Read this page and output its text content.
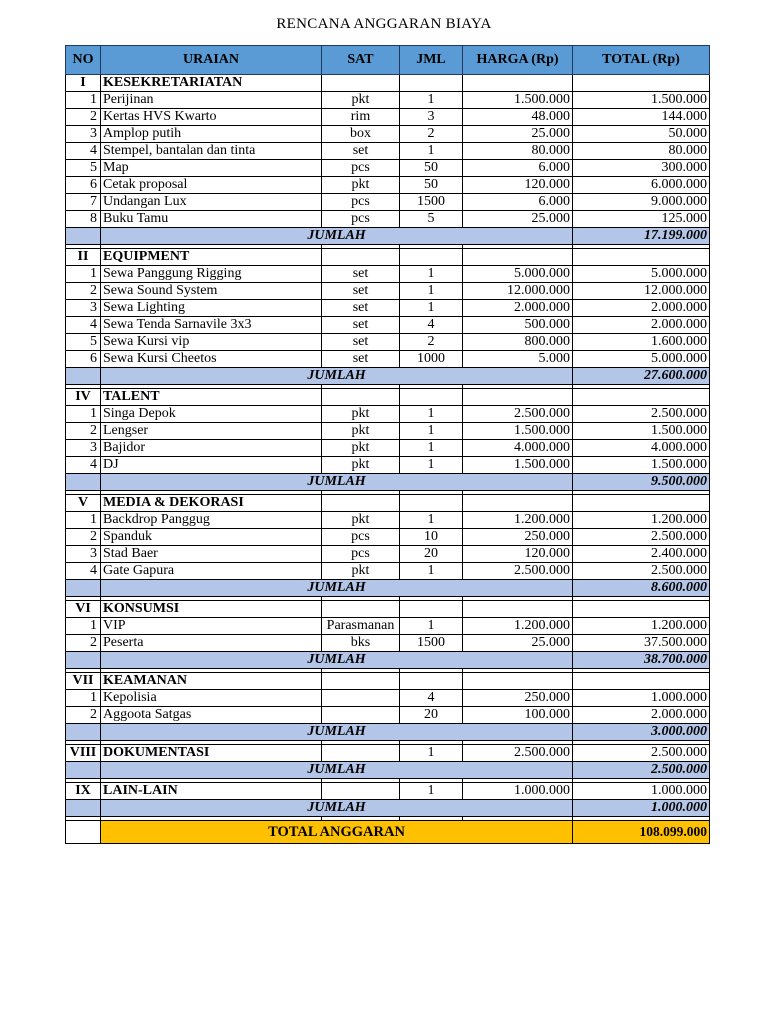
RENCANA ANGGARAN BIAYA
NO	URAIAN	SAT	JML	HARGA (Rp)	TOTAL (Rp)
I	KESEKRETARIATAN				
1	Perijinan	pkt	1	1.500.000	1.500.000
2	Kertas HVS Kwarto	rim	3	48.000	144.000
3	Amplop putih	box	2	25.000	50.000
4	Stempel, bantalan dan tinta	set	1	80.000	80.000
5	Map	pcs	50	6.000	300.000
6	Cetak proposal	pkt	50	120.000	6.000.000
7	Undangan Lux	pcs	1500	6.000	9.000.000
8	Buku Tamu	pcs	5	25.000	125.000
	JUMLAH				17.199.000

II	EQUIPMENT				
1	Sewa Panggung Rigging	set	1	5.000.000	5.000.000
2	Sewa Sound System	set	1	12.000.000	12.000.000
3	Sewa Lighting	set	1	2.000.000	2.000.000
4	Sewa Tenda Sarnavile 3x3	set	4	500.000	2.000.000
5	Sewa Kursi vip	set	2	800.000	1.600.000
6	Sewa Kursi Cheetos	set	1000	5.000	5.000.000
	JUMLAH				27.600.000

IV	TALENT				
1	Singa Depok	pkt	1	2.500.000	2.500.000
2	Lengser	pkt	1	1.500.000	1.500.000
3	Bajidor	pkt	1	4.000.000	4.000.000
4	DJ	pkt	1	1.500.000	1.500.000
	JUMLAH				9.500.000

V	MEDIA & DEKORASI				
1	Backdrop Panggug	pkt	1	1.200.000	1.200.000
2	Spanduk	pcs	10	250.000	2.500.000
3	Stad Baer	pcs	20	120.000	2.400.000
4	Gate Gapura	pkt	1	2.500.000	2.500.000
	JUMLAH				8.600.000

VI	KONSUMSI				
1	VIP	Parasmanan	1	1.200.000	1.200.000
2	Peserta	bks	1500	25.000	37.500.000
	JUMLAH				38.700.000

VII	KEAMANAN				
1	Kepolisia		4	250.000	1.000.000
2	Aggoota Satgas		20	100.000	2.000.000
	JUMLAH				3.000.000

VIII	DOKUMENTASI		1	2.500.000	2.500.000
	JUMLAH				2.500.000

IX	LAIN-LAIN		1	1.000.000	1.000.000
	JUMLAH				1.000.000

	TOTAL ANGGARAN				108.099.000
